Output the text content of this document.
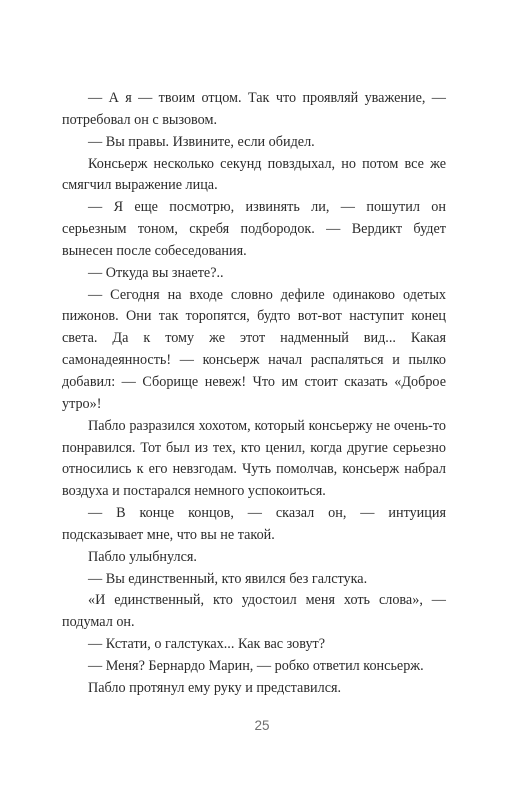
— А я — твоим отцом. Так что проявляй уважение, — потребовал он с вызовом.

— Вы правы. Извините, если обидел.

Консьерж несколько секунд повздыхал, но потом все же смягчил выражение лица.

— Я еще посмотрю, извинять ли, — пошутил он серьезным тоном, скребя подбородок. — Вердикт будет вынесен после собеседования.

— Откуда вы знаете?..

— Сегодня на входе словно дефиле одинаково одетых пижонов. Они так торопятся, будто вот-вот наступит конец света. Да к тому же этот надменный вид... Какая самонадеянность! — консьерж начал распаляться и пылко добавил: — Сборище невеж! Что им стоит сказать «Доброе утро»!

Пабло разразился хохотом, который консьержу не очень-то понравился. Тот был из тех, кто ценил, когда другие серьезно относились к его невзгодам. Чуть помолчав, консьерж набрал воздуха и постарался немного успокоиться.

— В конце концов, — сказал он, — интуиция подсказывает мне, что вы не такой.

Пабло улыбнулся.

— Вы единственный, кто явился без галстука.

«И единственный, кто удостоил меня хоть слова», — подумал он.

— Кстати, о галстуках... Как вас зовут?

— Меня? Бернардо Марин, — робко ответил консьерж.

Пабло протянул ему руку и представился.

25
